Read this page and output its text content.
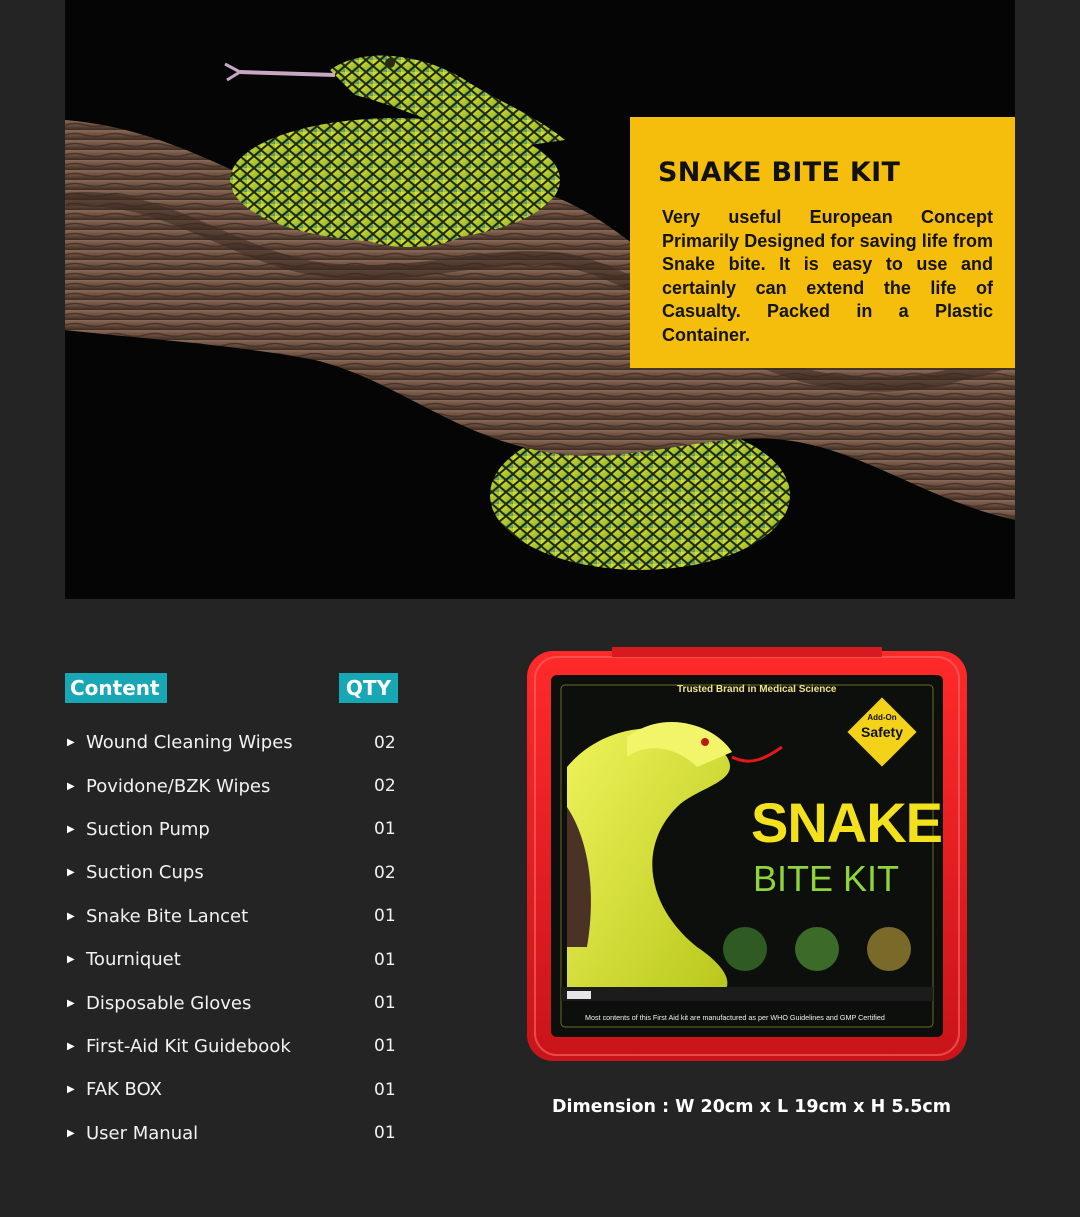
SNAKE BITE KIT

Very useful European Concept Primarily Designed for saving life from Snake bite. It is easy to use and certainly can extend the life of Casualty. Packed in a Plastic Container.

Content	QTY
▶ Wound Cleaning Wipes	02
▶ Povidone/BZK Wipes	02
▶ Suction Pump	01
▶ Suction Cups	02
▶ Snake Bite Lancet	01
▶ Tourniquet	01
▶ Disposable Gloves	01
▶ First-Aid Kit Guidebook	01
▶ FAK BOX	01
▶ User Manual	01
Trusted Brand in Medical Science
Add-On
Safety
SNAKE
BITE KIT
Most contents of this First Aid kit are manufactured as per WHO Guidelines and GMP Certified
Dimension : W 20cm x L 19cm x H 5.5cm
